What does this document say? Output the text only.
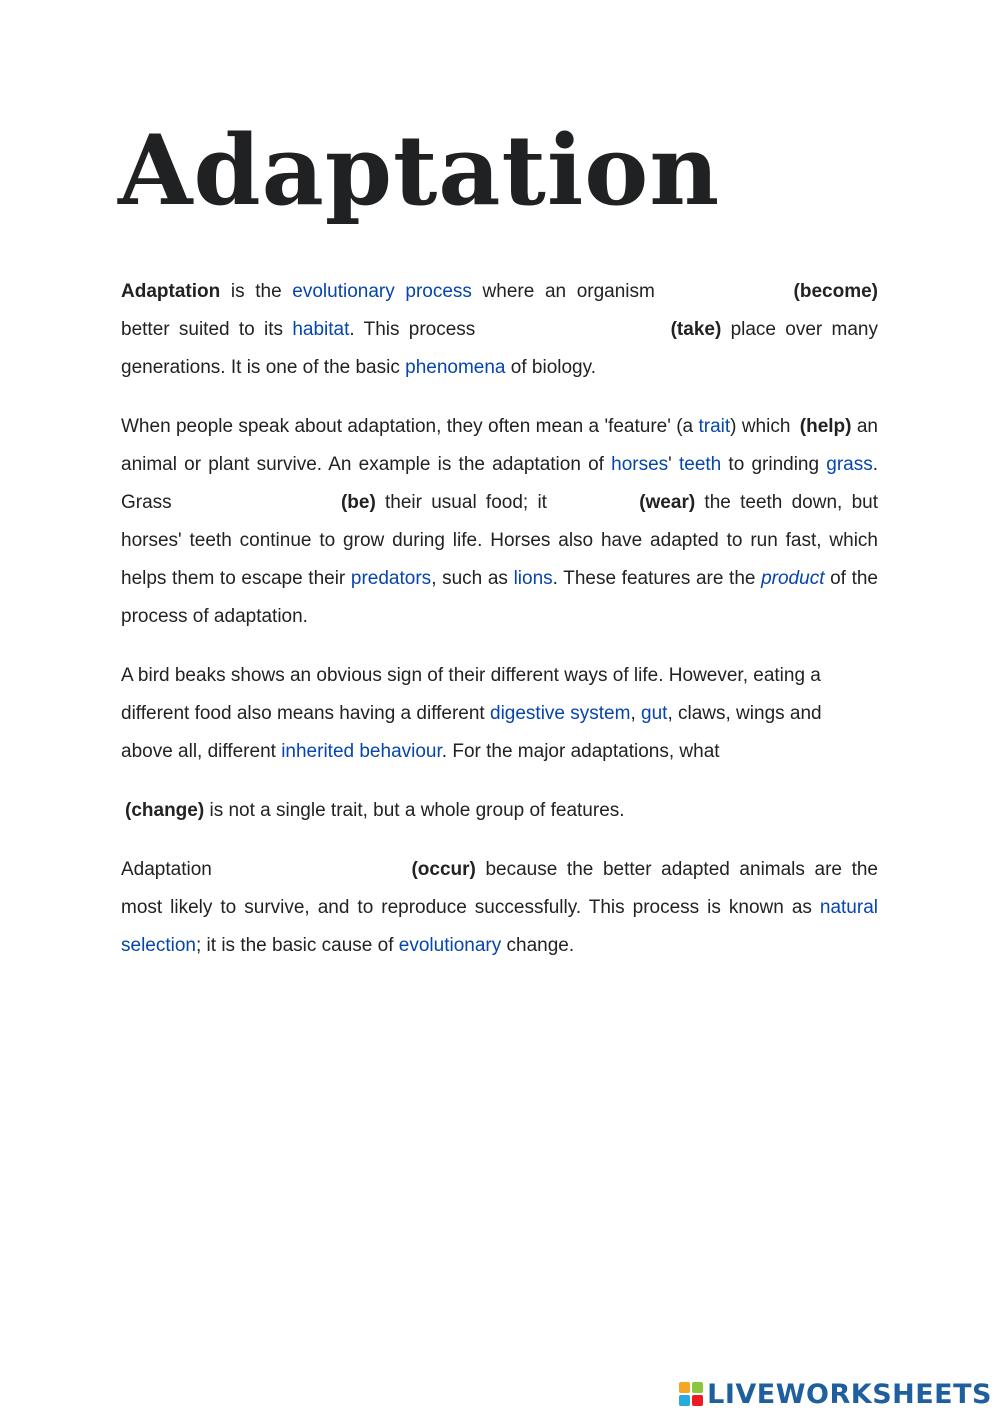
Adaptation

Adaptation is the evolutionary process where an organism	(become) better suited to its habitat. This process	(take) place over many generations. It is one of the basic phenomena of biology.

When people speak about adaptation, they often mean a 'feature' (a trait) which (help) an animal or plant survive. An example is the adaptation of horses' teeth to grinding grass. Grass	(be) their usual food; it	(wear) the teeth down, but horses' teeth continue to grow during life. Horses also have adapted to run fast, which helps them to escape their predators, such as lions. These features are the product of the process of adaptation.

A bird beaks shows an obvious sign of their different ways of life. However, eating a different food also means having a different digestive system, gut, claws, wings and above all, different inherited behaviour. For the major adaptations, what

(change) is not a single trait, but a whole group of features.

Adaptation	(occur) because the better adapted animals are the most likely to survive, and to reproduce successfully. This process is known as natural selection; it is the basic cause of evolutionary change.

LIVEWORKSHEETS
